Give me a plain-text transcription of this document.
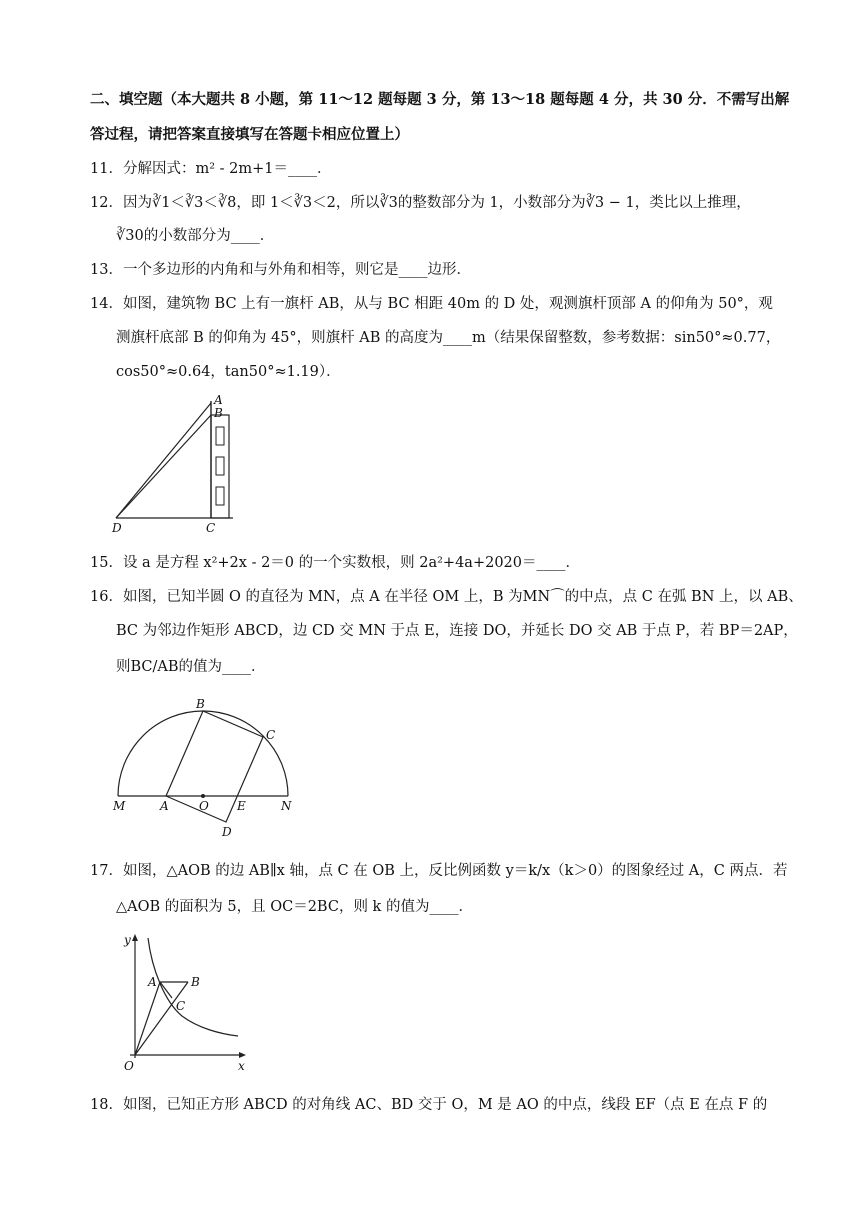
二、填空题（本大题共 8 小题，第 11～12 题每题 3 分，第 13～18 题每题 4 分，共 30 分．不需写出解
答过程，请把答案直接填写在答题卡相应位置上）
11．分解因式：m² - 2m+1＝____．
12．因为∛1＜∛3＜∛8，即 1＜∛3＜2，所以∛3的整数部分为 1，小数部分为∛3 − 1，类比以上推理，
∛30的小数部分为____．
13．一个多边形的内角和与外角和相等，则它是____边形．
14．如图，建筑物 BC 上有一旗杆 AB，从与 BC 相距 40m 的 D 处，观测旗杆顶部 A 的仰角为 50°，观
测旗杆底部 B 的仰角为 45°，则旗杆 AB 的高度为____m（结果保留整数，参考数据：sin50°≈0.77，
cos50°≈0.64，tan50°≈1.19）．
A
B
C
D
15．设 a 是方程 x²+2x - 2＝0 的一个实数根，则 2a²+4a+2020＝____．
16．如图，已知半圆 O 的直径为 MN，点 A 在半径 OM 上，B 为MN⌒的中点，点 C 在弧 BN 上，以 AB、
BC 为邻边作矩形 ABCD，边 CD 交 MN 于点 E，连接 DO，并延长 DO 交 AB 于点 P，若 BP＝2AP，
则BC/AB的值为____．
B
C
M	A	O E	N
D
17．如图，△AOB 的边 AB∥x 轴，点 C 在 OB 上，反比例函数 y＝k/x（k＞0）的图象经过 A，C 两点．若
△AOB 的面积为 5，且 OC＝2BC，则 k 的值为____．
y
A	B
C
O	x
18．如图，已知正方形 ABCD 的对角线 AC、BD 交于 O，M 是 AO 的中点，线段 EF（点 E 在点 F 的
